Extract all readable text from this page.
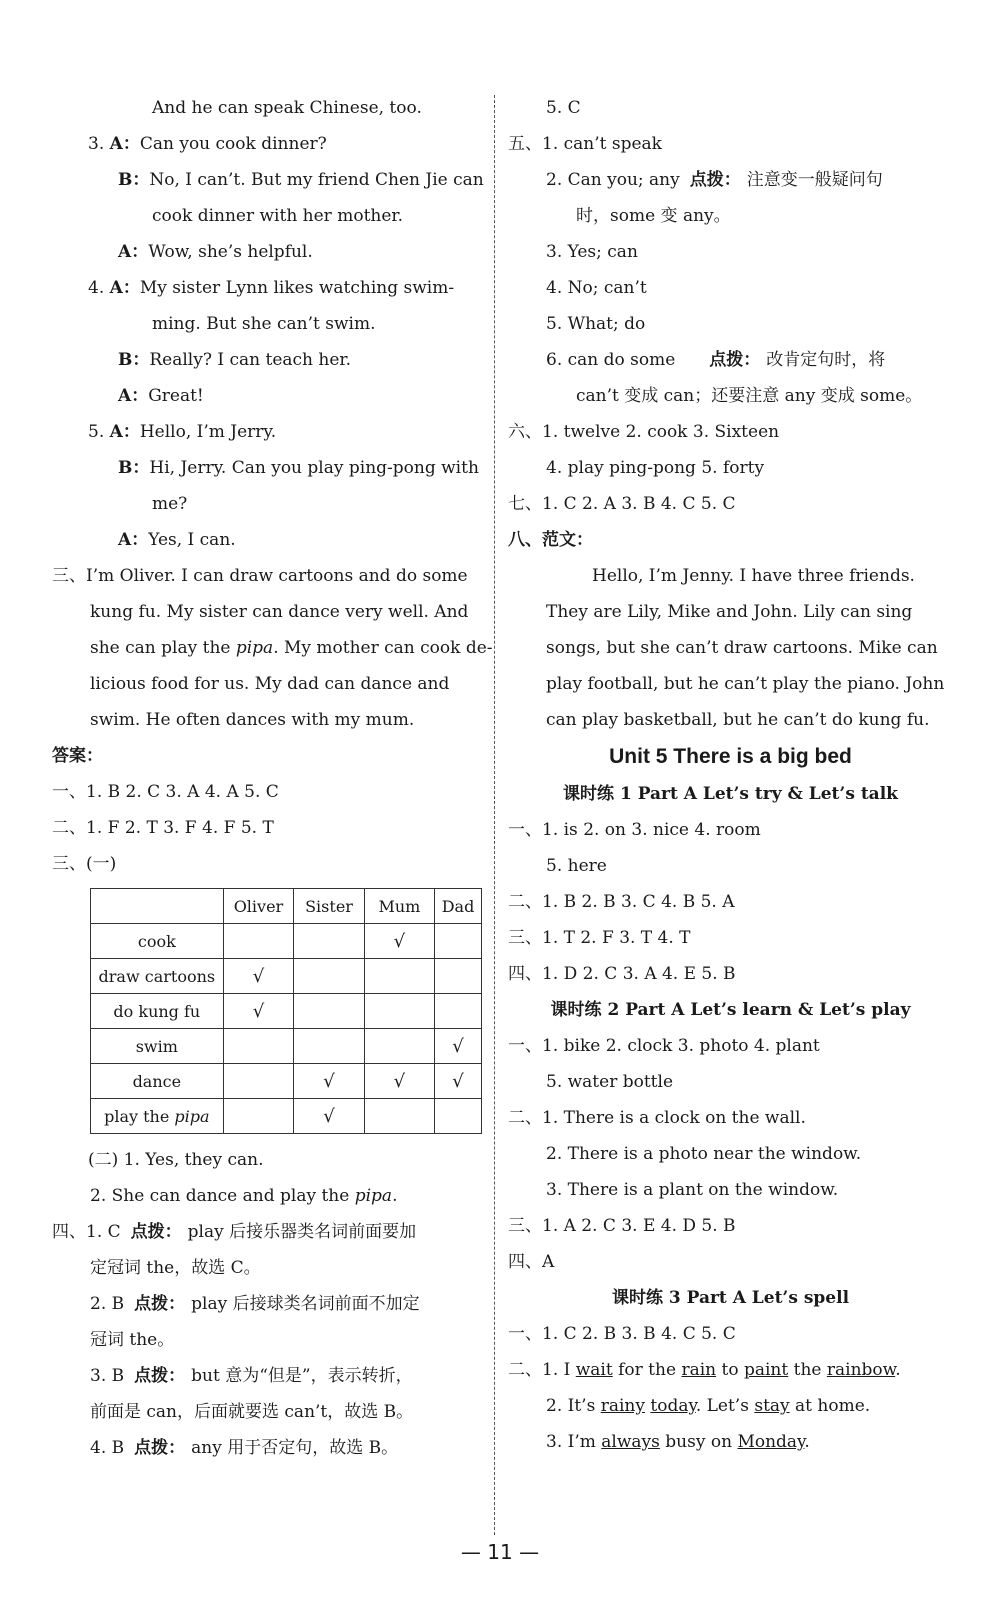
And he can speak Chinese, too.
3. A：Can you cook dinner?
B：No, I can’t. But my friend Chen Jie can
cook dinner with her mother.
A：Wow, she’s helpful.
4. A：My sister Lynn likes watching swim-
ming. But she can’t swim.
B：Really? I can teach her.
A：Great!
5. A：Hello, I’m Jerry.
B：Hi, Jerry. Can you play ping-pong with
me?
A：Yes, I can.
三、I’m Oliver. I can draw cartoons and do some
kung fu. My sister can dance very well. And
she can play the pipa. My mother can cook de-
licious food for us. My dad can dance and
swim. He often dances with my mum.
答案：
一、1. B 2. C 3. A 4. A 5. C
二、1. F 2. T 3. F 4. F 5. T
三、(一)
	Oliver	Sister	Mum	Dad
cook			√	
draw cartoons	√			
do kung fu	√			
swim				√
dance		√	√	√
play the pipa		√		
(二) 1. Yes, they can.
2. She can dance and play the pipa.
四、1. C 点拨： play 后接乐器类名词前面要加
定冠词 the，故选 C。
2. B 点拨： play 后接球类名词前面不加定
冠词 the。
3. B 点拨： but 意为“但是”，表示转折，
前面是 can，后面就要选 can’t，故选 B。
4. B 点拨： any 用于否定句，故选 B。
5. C
五、1. can’t speak
2. Can you; any 点拨： 注意变一般疑问句
时，some 变 any。
3. Yes; can
4. No; can’t
5. What; do
6. can do some 点拨： 改肯定句时，将
can’t 变成 can；还要注意 any 变成 some。
六、1. twelve 2. cook 3. Sixteen
4. play ping-pong 5. forty
七、1. C 2. A 3. B 4. C 5. C
八、范文：
Hello, I’m Jenny. I have three friends.
They are Lily, Mike and John. Lily can sing
songs, but she can’t draw cartoons. Mike can
play football, but he can’t play the piano. John
can play basketball, but he can’t do kung fu.
Unit 5 There is a big bed
课时练 1 Part A Let’s try & Let’s talk
一、1. is 2. on 3. nice 4. room
5. here
二、1. B 2. B 3. C 4. B 5. A
三、1. T 2. F 3. T 4. T
四、1. D 2. C 3. A 4. E 5. B
课时练 2 Part A Let’s learn & Let’s play
一、1. bike 2. clock 3. photo 4. plant
5. water bottle
二、1. There is a clock on the wall.
2. There is a photo near the window.
3. There is a plant on the window.
三、1. A 2. C 3. E 4. D 5. B
四、A
课时练 3 Part A Let’s spell
一、1. C 2. B 3. B 4. C 5. C
二、1. I wait for the rain to paint the rainbow.
2. It’s rainy today. Let’s stay at home.
3. I’m always busy on Monday.
— 11 —
